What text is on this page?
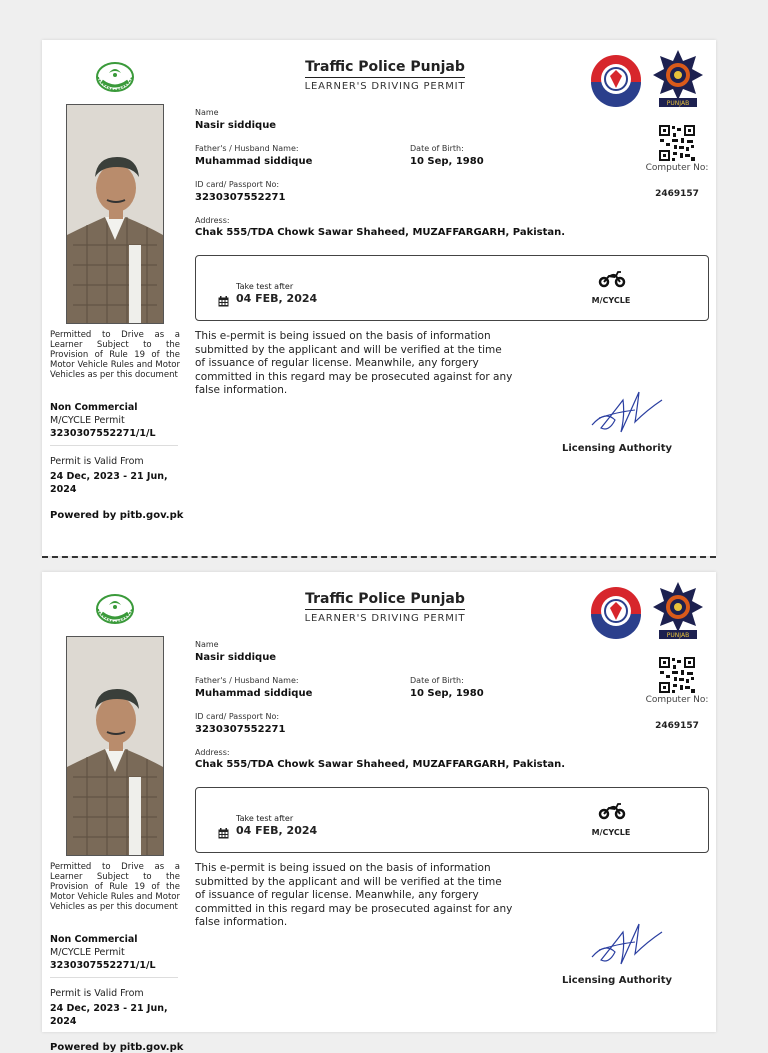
Traffic Police Punjab
LEARNER'S DRIVING PERMIT
PUNJAB
Name
Nasir siddique
Father's / Husband Name:
Muhammad siddique
Date of Birth:
10 Sep, 1980
ID card/ Passport No:
3230307552271
Address:
Chak 555/TDA Chowk Sawar Shaheed, MUZAFFARGARH, Pakistan.
Computer No:
2469157
Take test after
04 FEB, 2024	M/CYCLE
Permitted to Drive as a Learner Subject to the Provision of Rule 19 of the Motor Vehicle Rules and Motor Vehicles as per this document
Non Commercial
M/CYCLE Permit
3230307552271/1/L
Permit is Valid From
24 Dec, 2023 - 21 Jun, 2024
Powered by pitb.gov.pk
This e-permit is being issued on the basis of information submitted by the applicant and will be verified at the time of issuance of regular license. Meanwhile, any forgery committed in this regard may be prosecuted against for any false information.
Licensing Authority
Traffic Police Punjab
LEARNER'S DRIVING PERMIT
PUNJAB
Name
Nasir siddique
Father's / Husband Name:
Muhammad siddique
Date of Birth:
10 Sep, 1980
ID card/ Passport No:
3230307552271
Address:
Chak 555/TDA Chowk Sawar Shaheed, MUZAFFARGARH, Pakistan.
Computer No:
2469157
Take test after
04 FEB, 2024	M/CYCLE
Permitted to Drive as a Learner Subject to the Provision of Rule 19 of the Motor Vehicle Rules and Motor Vehicles as per this document
Non Commercial
M/CYCLE Permit
3230307552271/1/L
Permit is Valid From
24 Dec, 2023 - 21 Jun, 2024
Powered by pitb.gov.pk
This e-permit is being issued on the basis of information submitted by the applicant and will be verified at the time of issuance of regular license. Meanwhile, any forgery committed in this regard may be prosecuted against for any false information.
Licensing Authority
